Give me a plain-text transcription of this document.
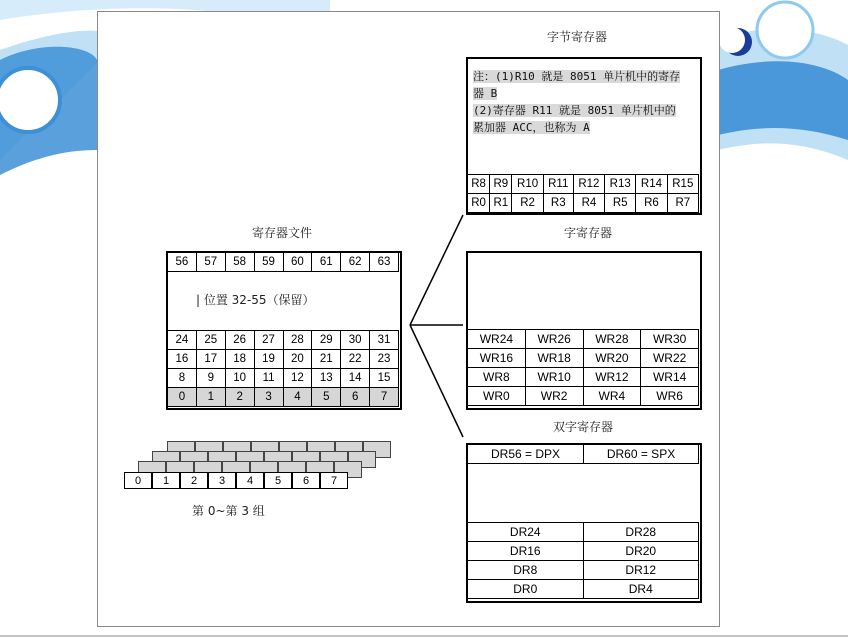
字节寄存器
注：(1)R10 就是 8051 单片机中的寄存
器 B
(2)寄存器 R11 就是 8051 单片机中的
累加器 ACC，也称为 A
R8	R9	R10	R11	R12	R13	R14	R15
R0	R1	R2	R3	R4	R5	R6	R7
寄存器文件
56	57	58	59	60	61	62	63
| 位置 32-55（保留）
24	25	26	27	28	29	30	31
16	17	18	19	20	21	22	23
8	9	10	11	12	13	14	15
0	1	2	3	4	5	6	7
字寄存器
WR24	WR26	WR28	WR30
WR16	WR18	WR20	WR22
WR8	WR10	WR12	WR14
WR0	WR2	WR4	WR6
双字寄存器
DR56 = DPX	DR60 = SPX
DR24	DR28
DR16	DR20
DR8	DR12
DR0	DR4
0	1	2	3	4	5	6	7
第 0~第 3 组
